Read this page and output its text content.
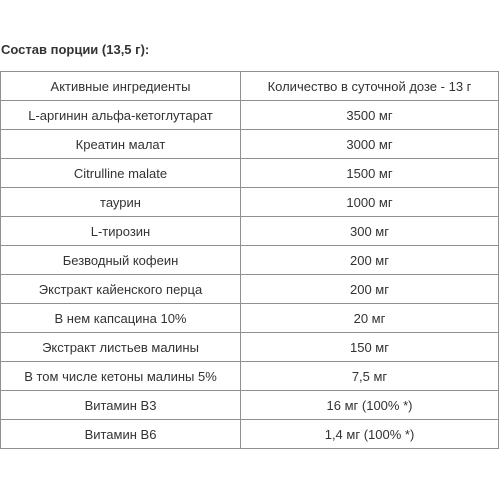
Состав порции (13,5 г):
Активные ингредиенты	Количество в суточной дозе - 13 г
L-аргинин альфа-кетоглутарат	3500 мг
Креатин малат	3000 мг
Citrulline malate	1500 мг
таурин	1000 мг
L-тирозин	300 мг
Безводный кофеин	200 мг
Экстракт кайенского перца	200 мг
В нем капсацина 10%	20 мг
Экстракт листьев малины	150 мг
В том числе кетоны малины 5%	7,5 мг
Витамин В3	16 мг (100% *)
Витамин В6	1,4 мг (100% *)
